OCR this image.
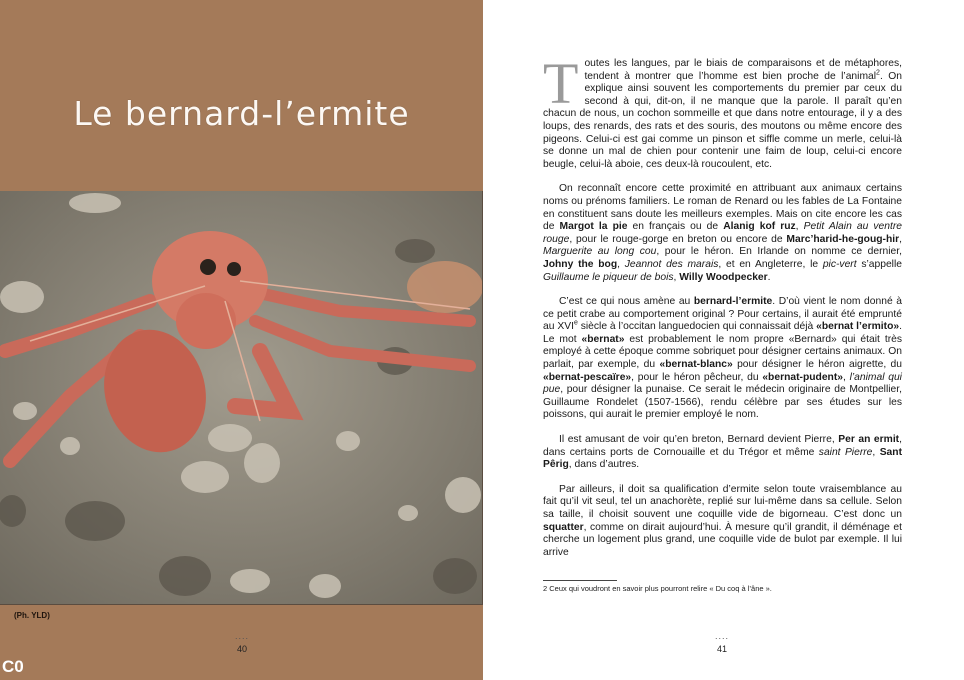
Le bernard-l’ermite
(Ph. YLD)
....
40
C0

Toutes les langues, par le biais de comparaisons et de métaphores, tendent à montrer que l’homme est bien proche de l’animal$^2$. On explique ainsi souvent les comportements du premier par ceux du second à qui, dit-on, il ne manque que la parole. Il paraît qu’en chacun de nous, un cochon sommeille et que dans notre entourage, il y a des loups, des renards, des rats et des souris, des moutons ou même encore des pigeons. Celui-ci est gai comme un pinson et siffle comme un merle, celui-là se donne un mal de chien pour contenir une faim de loup, celui-ci encore beugle, celui-là aboie, ces deux-là roucoulent, etc.

On reconnaît encore cette proximité en attribuant aux animaux certains noms ou prénoms familiers. Le roman de Renard ou les fables de La Fontaine en constituent sans doute les meilleurs exemples. Mais on cite encore les cas de Margot la pie en français ou de Alanig kof ruz, Petit Alain au ventre rouge, pour le rouge-gorge en breton ou encore de Marc’harid-he-goug-hir, Marguerite au long cou, pour le héron. En Irlande on nomme ce dernier, Johny the bog, Jeannot des marais, et en Angleterre, le pic-vert s’appelle Guillaume le piqueur de bois, Willy Woodpecker.

C’est ce qui nous amène au bernard-l’ermite. D’où vient le nom donné à ce petit crabe au comportement original ? Pour certains, il aurait été emprunté au XVIe siècle à l’occitan languedocien qui connaissait déjà «bernat l’ermito». Le mot «bernat» est probablement le nom propre «Bernard» qui était très employé à cette époque comme sobriquet pour désigner certains animaux. On parlait, par exemple, du «bernat-blanc» pour désigner le héron aigrette, du «bernat-pescaïre», pour le héron pêcheur, du «bernat-pudent», l’animal qui pue, pour désigner la punaise. Ce serait le médecin originaire de Montpellier, Guillaume Rondelet (1507-1566), rendu célèbre par ses études sur les poissons, qui aurait le premier employé le nom.

Il est amusant de voir qu’en breton, Bernard devient Pierre, Per an ermit, dans certains ports de Cornouaille et du Trégor et même saint Pierre, Sant Pêrig, dans d’autres.

Par ailleurs, il doit sa qualification d’ermite selon toute vraisemblance au fait qu’il vit seul, tel un anachorète, replié sur lui-même dans sa cellule. Selon sa taille, il choisit souvent une coquille vide de bigorneau. C’est donc un squatter, comme on dirait aujourd’hui. À mesure qu’il grandit, il déménage et cherche un logement plus grand, une coquille vide de bulot par exemple. Il lui arrive

2 Ceux qui voudront en savoir plus pourront relire « Du coq à l’âne ».
....
41
